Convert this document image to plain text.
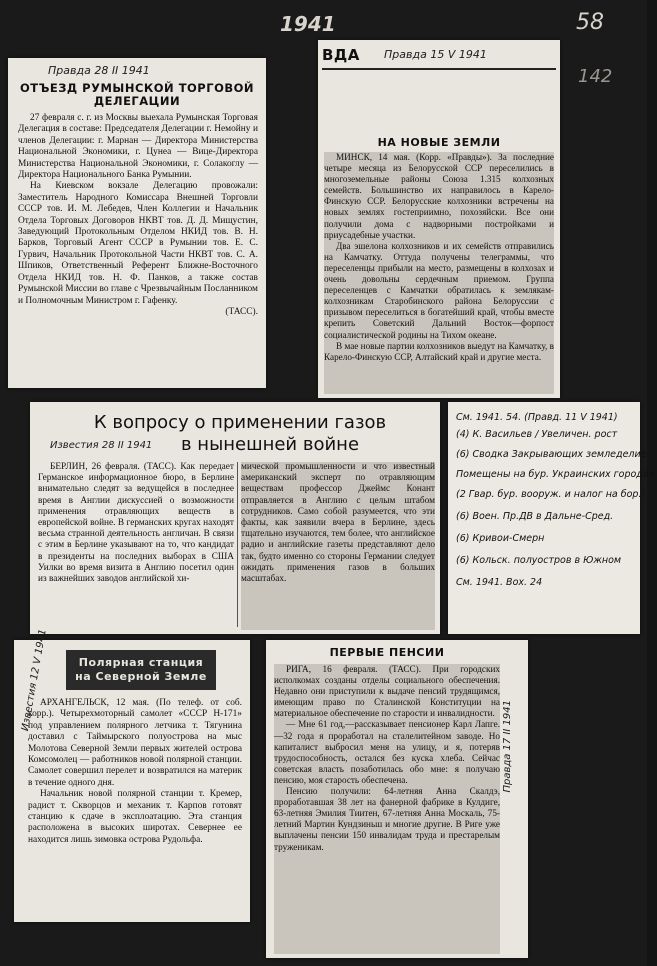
1941	58
142
Правда 28 II 1941
ОТЪЕЗД РУМЫНСКОЙ ТОРГОВОЙ
ДЕЛЕГАЦИИ

27 февраля с. г. из Москвы выехала Румынская Торговая Делегация в составе: Председателя Делегации г. Немойну и членов Делегации: г. Марнан — Директора Министерства Национальной Экономики, г. Цунеа — Вице-Директора Министерства Национальной Экономики, г. Солакоглу — Директора Национального Банка Румынии.

На Киевском вокзале Делегацию провожали: Заместитель Народного Комиссара Внешней Торговли СССР тов. И. М. Лебедев, Член Коллегии и Начальник Отдела Торговых Договоров НКВТ тов. Д. Д. Мищустин, Заведующий Протокольным Отделом НКИД тов. В. Н. Барков, Торговый Агент СССР в Румынии тов. Е. С. Гурвич, Начальник Протокольной Части НКВТ тов. С. А. Шпиков, Ответственный Референт Ближне-Восточного Отдела НКИД тов. Н. Ф. Панков, а также состав Румынской Миссии во главе с Чрезвычайным Посланником и Полномочным Министром г. Гафенку.

(ТАСС).

ВДА Правда 15 V 1941
НА НОВЫЕ ЗЕМЛИ

МИНСК, 14 мая. (Корр. «Правды»). За последние четыре месяца из Белорусской ССР переселились в многоземельные районы Союза 1.315 колхозных семейств. Большинство их направилось в Карело-Финскую ССР. Белорусские колхозники встречены на новых землях гостеприимно, похозяйски. Все они получили дома с надворными постройками и приусадебные участки.

Два эшелона колхозников и их семейств отправились на Камчатку. Оттуда получены телеграммы, что переселенцы прибыли на место, размещены в колхозах и очень довольны сердечным приемом. Группа переселенцев с Камчатки обратилась к землякам-колхозникам Старобинского района Белоруссии с призывом переселиться в богатейший край, чтобы вместе крепить Советский Дальний Восток—форпост социалистической родины на Тихом океане.

В мае новые партии колхозников выедут на Камчатку, в Карело-Финскую ССР, Алтайский край и другие места.

К вопросу о применении газов
в нынешней войне
Известия 28 II 1941

БЕРЛИН, 26 февраля. (ТАСС). Как передает Германское информационное бюро, в Берлине внимательно следят за ведущейся в последнее время в Англии дискуссией о возможности применения отравляющих веществ в европейской войне. В германских кругах находят весьма странной деятельность англичан. В связи с этим в Берлине указывают на то, что кандидат в президенты на последних выборах в США Уилки во время визита в Англию посетил один из важнейших заводов английской хи-

мической промышленности и что известный американский эксперт по отравляющим веществам профессор Джеймс Конант отправляется в Англию с целым штабом сотрудников. Само собой разумеется, что эти факты, как заявили вчера в Берлине, здесь тщательно изучаются, тем более, что английское радио и английские газеты представляют дело так, будто именно со стороны Германии следует ожидать применения газов в больших масштабах.

См. 1941. 54. (Правд. 11 V 1941)
(4) К. Васильев / Увеличен. рост
(6) Сводка Закрывающих земледелие
Помещены на бур. Украинских городах.
(2 Гвар. бур. вооруж. и налог на бор.)
(6) Воен. Пр.ДВ в Дальне-Сред.
(6) Кривои-Смерн
(6) Кольск. полуостров в Южном
См. 1941. Вох. 24
Известия 12 V 1941	Полярная станция
на Северной Земле

АРХАНГЕЛЬСК, 12 мая. (По телеф. от соб. корр.). Четырехмоторный самолет «СССР Н-171» под управлением полярного летчика т. Тягунина доставил с Таймырского полуострова на мыс Молотова Северной Земли первых жителей острова Комсомолец — работников новой полярной станции. Самолет совершил перелет и возвратился на материк в течение одного дня.

Начальник новой полярной станции т. Кремер, радист т. Скворцов и механик т. Карпов готовят станцию к сдаче в эксплоатацию. Эта станция расположена в высоких широтах. Севернее ее находится лишь зимовка острова Рудольфа.

ПЕРВЫЕ ПЕНСИИ

РИГА, 16 февраля. (ТАСС). При городских исполкомах созданы отделы социального обеспечения. Недавно они приступили к выдаче пенсий трудящимся, имеющим право по Сталинской Конституции на материальное обеспечение по старости и инвалидности.

— Мне 61 год,—рассказывает пенсионер Карл Лапге.—32 года я проработал на сталелитейном заводе. Но капиталист выбросил меня на улицу, и я, потеряв трудоспособность, остался без куска хлеба. Сейчас советская власть позаботилась обо мне: я получаю пенсию, моя старость обеспечена.

Пенсию получили: 64-летняя Анна Скалдэ, проработавшая 38 лет на фанерной фабрике в Кулдиге, 63-летняя Эмилия Тиитен, 67-летняя Анна Москаль, 75-летний Мартин Кундзиньш и многие другие. В Риге уже выплачены пенсии 150 инвалидам труда и престарелым труженикам.

Правда 17 II 1941
